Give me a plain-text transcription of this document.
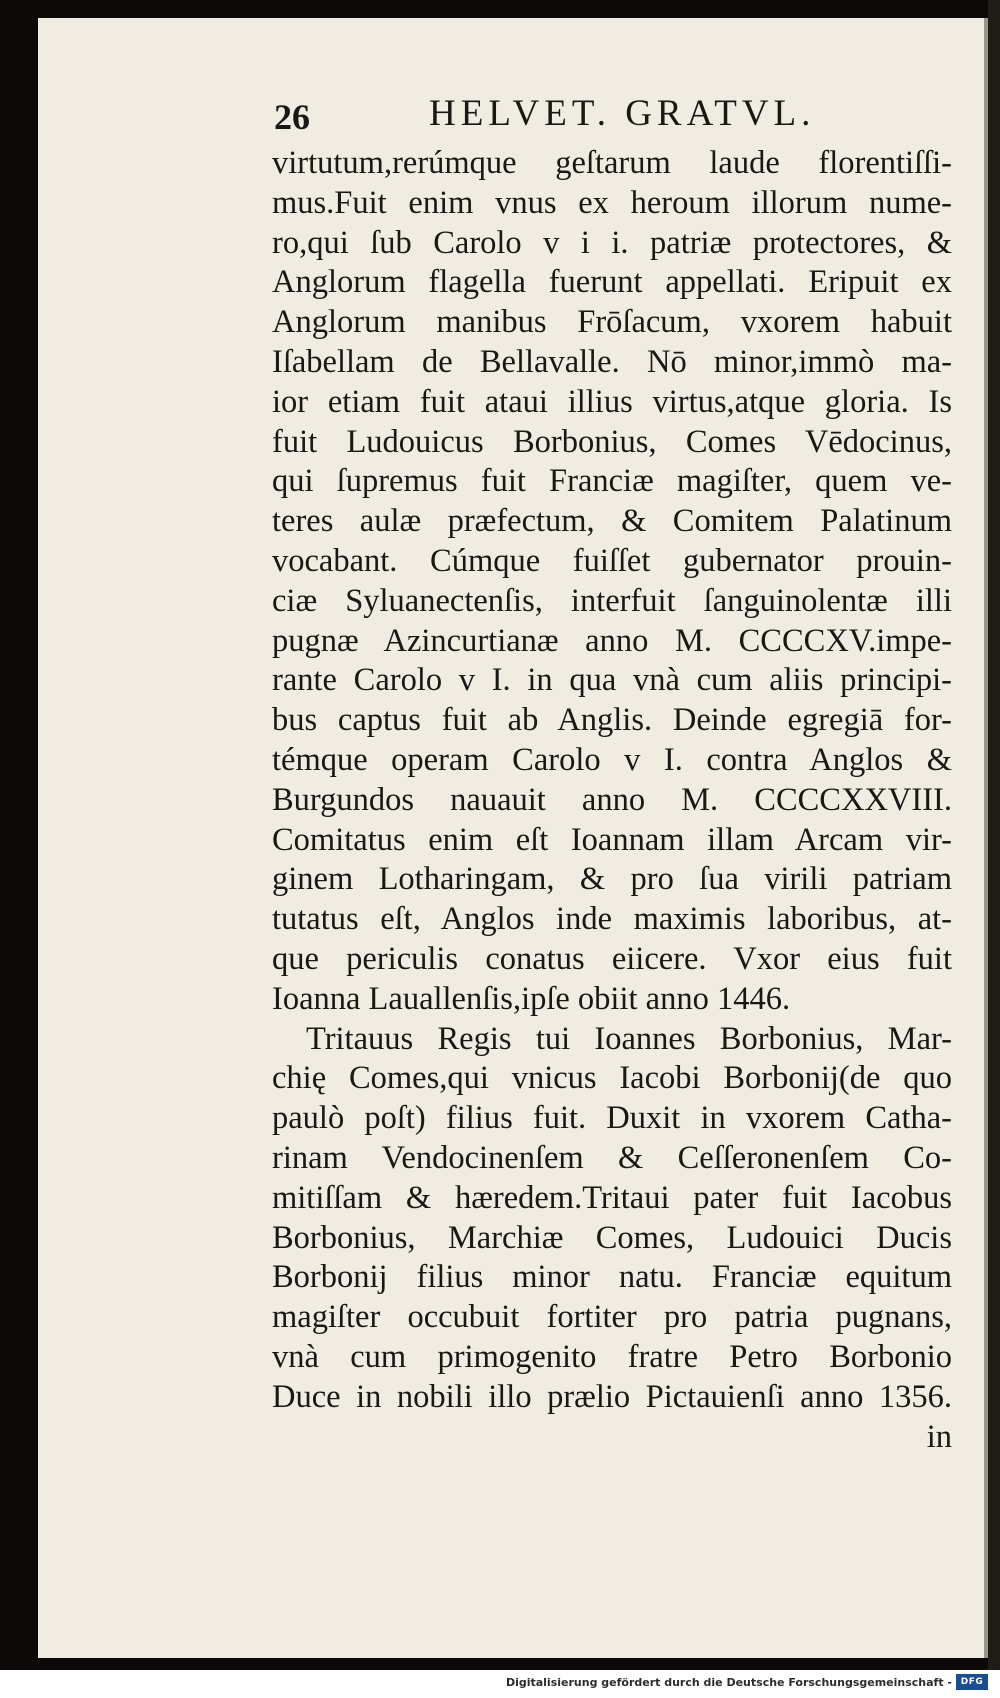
26	HELVET. GRATVL.
virtutum,rerúmque geſtarum laude florentiſſi-
mus.Fuit enim vnus ex heroum illorum nume-
ro,qui ſub Carolo v i i. patriæ protectores, &
Anglorum flagella fuerunt appellati. Eripuit ex
Anglorum manibus Frōſacum, vxorem habuit
Iſabellam de Bellavalle. Nō minor,immò ma-
ior etiam fuit ataui illius virtus,atque gloria. Is
fuit Ludouicus Borbonius, Comes Vēdocinus,
qui ſupremus fuit Franciæ magiſter, quem ve-
teres aulæ præfectum, & Comitem Palatinum
vocabant. Cúmque fuiſſet gubernator prouin-
ciæ Syluanectenſis, interfuit ſanguinolentæ illi
pugnæ Azincurtianæ anno M. CCCCXV.impe-
rante Carolo v I. in qua vnà cum aliis principi-
bus captus fuit ab Anglis. Deinde egregiā for-
témque operam Carolo v I. contra Anglos &
Burgundos nauauit anno M. CCCCXXVIII.
Comitatus enim eſt Ioannam illam Arcam vir-
ginem Lotharingam, & pro ſua virili patriam
tutatus eſt, Anglos inde maximis laboribus, at-
que periculis conatus eiicere. Vxor eius fuit
Ioanna Lauallenſis,ipſe obiit anno 1446.
Tritauus Regis tui Ioannes Borbonius, Mar-
chię Comes,qui vnicus Iacobi Borbonij(de quo
paulò poſt) filius fuit. Duxit in vxorem Catha-
rinam Vendocinenſem & Ceſſeronenſem Co-
mitiſſam & hæredem.Tritaui pater fuit Iacobus
Borbonius, Marchiæ Comes, Ludouici Ducis
Borbonij filius minor natu. Franciæ equitum
magiſter occubuit fortiter pro patria pugnans,
vnà cum primogenito fratre Petro Borbonio
Duce in nobili illo prælio Pictauienſi anno 1356.
in
Digitalisierung gefördert durch die Deutsche Forschungsgemeinschaft - DFG
